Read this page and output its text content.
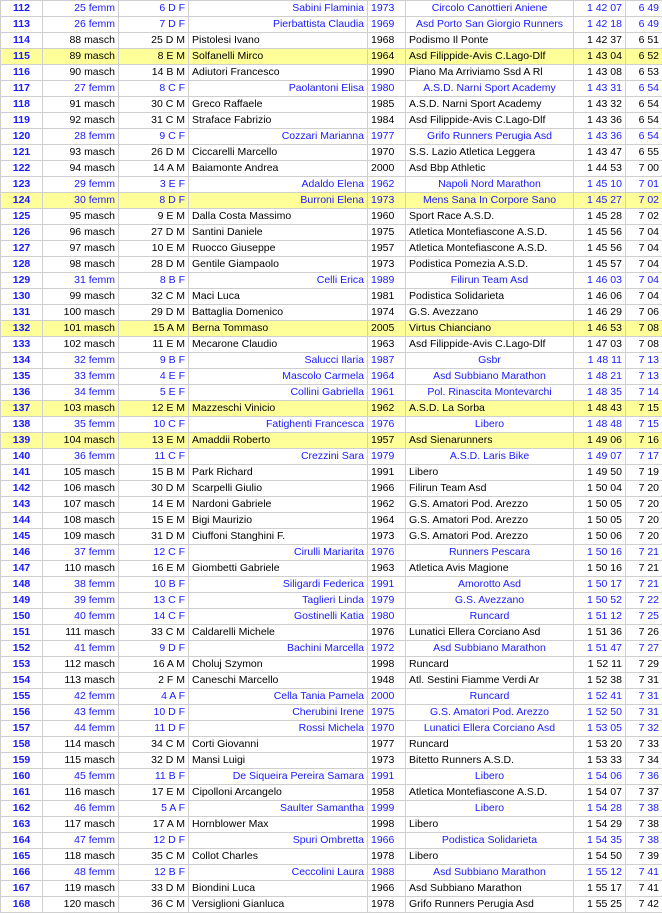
112	25 femm	6 D F	Sabini Flaminia	1973	Circolo Canottieri Aniene	1 42 07	6 49
113	26 femm	7 D F	Pierbattista Claudia	1969	Asd Porto San Giorgio Runners	1 42 18	6 49
114	88 masch	25 D M	Pistolesi Ivano	1968	Podismo Il Ponte	1 42 37	6 51
115	89 masch	8 E M	Solfanelli Mirco	1964	Asd Filippide-Avis C.Lago-Dlf	1 43 04	6 52
116	90 masch	14 B M	Adiutori Francesco	1990	Piano Ma Arriviamo Ssd A Rl	1 43 08	6 53
117	27 femm	8 C F	Paolantoni Elisa	1980	A.S.D. Narni Sport Academy	1 43 31	6 54
118	91 masch	30 C M	Greco Raffaele	1985	A.S.D. Narni Sport Academy	1 43 32	6 54
119	92 masch	31 C M	Straface Fabrizio	1984	Asd Filippide-Avis C.Lago-Dlf	1 43 36	6 54
120	28 femm	9 C F	Cozzari Marianna	1977	Grifo Runners Perugia Asd	1 43 36	6 54
121	93 masch	26 D M	Ciccarelli Marcello	1970	S.S. Lazio Atletica Leggera	1 43 47	6 55
122	94 masch	14 A M	Baiamonte Andrea	2000	Asd Bbp Athletic	1 44 53	7 00
123	29 femm	3 E F	Adaldo Elena	1962	Napoli Nord Marathon	1 45 10	7 01
124	30 femm	8 D F	Burroni Elena	1973	Mens Sana In Corpore Sano	1 45 27	7 02
125	95 masch	9 E M	Dalla Costa Massimo	1960	Sport Race A.S.D.	1 45 28	7 02
126	96 masch	27 D M	Santini Daniele	1975	Atletica Montefiascone A.S.D.	1 45 56	7 04
127	97 masch	10 E M	Ruocco Giuseppe	1957	Atletica Montefiascone A.S.D.	1 45 56	7 04
128	98 masch	28 D M	Gentile Giampaolo	1973	Podistica Pomezia A.S.D.	1 45 57	7 04
129	31 femm	8 B F	Celli Erica	1989	Filirun Team Asd	1 46 03	7 04
130	99 masch	32 C M	Maci Luca	1981	Podistica Solidarieta	1 46 06	7 04
131	100 masch	29 D M	Battaglia Domenico	1974	G.S. Avezzano	1 46 29	7 06
132	101 masch	15 A M	Berna Tommaso	2005	Virtus Chianciano	1 46 53	7 08
133	102 masch	11 E M	Mecarone Claudio	1963	Asd Filippide-Avis C.Lago-Dlf	1 47 03	7 08
134	32 femm	9 B F	Salucci Ilaria	1987	Gsbr	1 48 11	7 13
135	33 femm	4 E F	Mascolo Carmela	1964	Asd Subbiano Marathon	1 48 21	7 13
136	34 femm	5 E F	Collini Gabriella	1961	Pol. Rinascita Montevarchi	1 48 35	7 14
137	103 masch	12 E M	Mazzeschi Vinicio	1962	A.S.D. La Sorba	1 48 43	7 15
138	35 femm	10 C F	Fatighenti Francesca	1976	Libero	1 48 48	7 15
139	104 masch	13 E M	Amaddii Roberto	1957	Asd Sienarunners	1 49 06	7 16
140	36 femm	11 C F	Crezzini Sara	1979	A.S.D. Laris Bike	1 49 07	7 17
141	105 masch	15 B M	Park Richard	1991	Libero	1 49 50	7 19
142	106 masch	30 D M	Scarpelli Giulio	1966	Filirun Team Asd	1 50 04	7 20
143	107 masch	14 E M	Nardoni Gabriele	1962	G.S. Amatori Pod. Arezzo	1 50 05	7 20
144	108 masch	15 E M	Bigi Maurizio	1964	G.S. Amatori Pod. Arezzo	1 50 05	7 20
145	109 masch	31 D M	Ciuffoni Stanghini F.	1973	G.S. Amatori Pod. Arezzo	1 50 06	7 20
146	37 femm	12 C F	Cirulli Mariarita	1976	Runners Pescara	1 50 16	7 21
147	110 masch	16 E M	Giombetti Gabriele	1963	Atletica Avis Magione	1 50 16	7 21
148	38 femm	10 B F	Siligardi Federica	1991	Amorotto Asd	1 50 17	7 21
149	39 femm	13 C F	Taglieri Linda	1979	G.S. Avezzano	1 50 52	7 22
150	40 femm	14 C F	Gostinelli Katia	1980	Runcard	1 51 12	7 25
151	111 masch	33 C M	Caldarelli Michele	1976	Lunatici Ellera Corciano Asd	1 51 36	7 26
152	41 femm	9 D F	Bachini Marcella	1972	Asd Subbiano Marathon	1 51 47	7 27
153	112 masch	16 A M	Choluj Szymon	1998	Runcard	1 52 11	7 29
154	113 masch	2 F M	Caneschi Marcello	1948	Atl. Sestini Fiamme Verdi Ar	1 52 38	7 31
155	42 femm	4 A F	Cella Tania Pamela	2000	Runcard	1 52 41	7 31
156	43 femm	10 D F	Cherubini Irene	1975	G.S. Amatori Pod. Arezzo	1 52 50	7 31
157	44 femm	11 D F	Rossi Michela	1970	Lunatici Ellera Corciano Asd	1 53 05	7 32
158	114 masch	34 C M	Corti Giovanni	1977	Runcard	1 53 20	7 33
159	115 masch	32 D M	Mansi Luigi	1973	Bitetto Runners A.S.D.	1 53 33	7 34
160	45 femm	11 B F	De Siqueira Pereira Samara	1991	Libero	1 54 06	7 36
161	116 masch	17 E M	Cipolloni Arcangelo	1958	Atletica Montefiascone A.S.D.	1 54 07	7 37
162	46 femm	5 A F	Saulter Samantha	1999	Libero	1 54 28	7 38
163	117 masch	17 A M	Hornblower Max	1998	Libero	1 54 29	7 38
164	47 femm	12 D F	Spuri Ombretta	1966	Podistica Solidarieta	1 54 35	7 38
165	118 masch	35 C M	Collot Charles	1978	Libero	1 54 50	7 39
166	48 femm	12 B F	Ceccolini Laura	1988	Asd Subbiano Marathon	1 55 12	7 41
167	119 masch	33 D M	Biondini Luca	1966	Asd Subbiano Marathon	1 55 17	7 41
168	120 masch	36 C M	Versiglioni Gianluca	1978	Grifo Runners Perugia Asd	1 55 25	7 42
